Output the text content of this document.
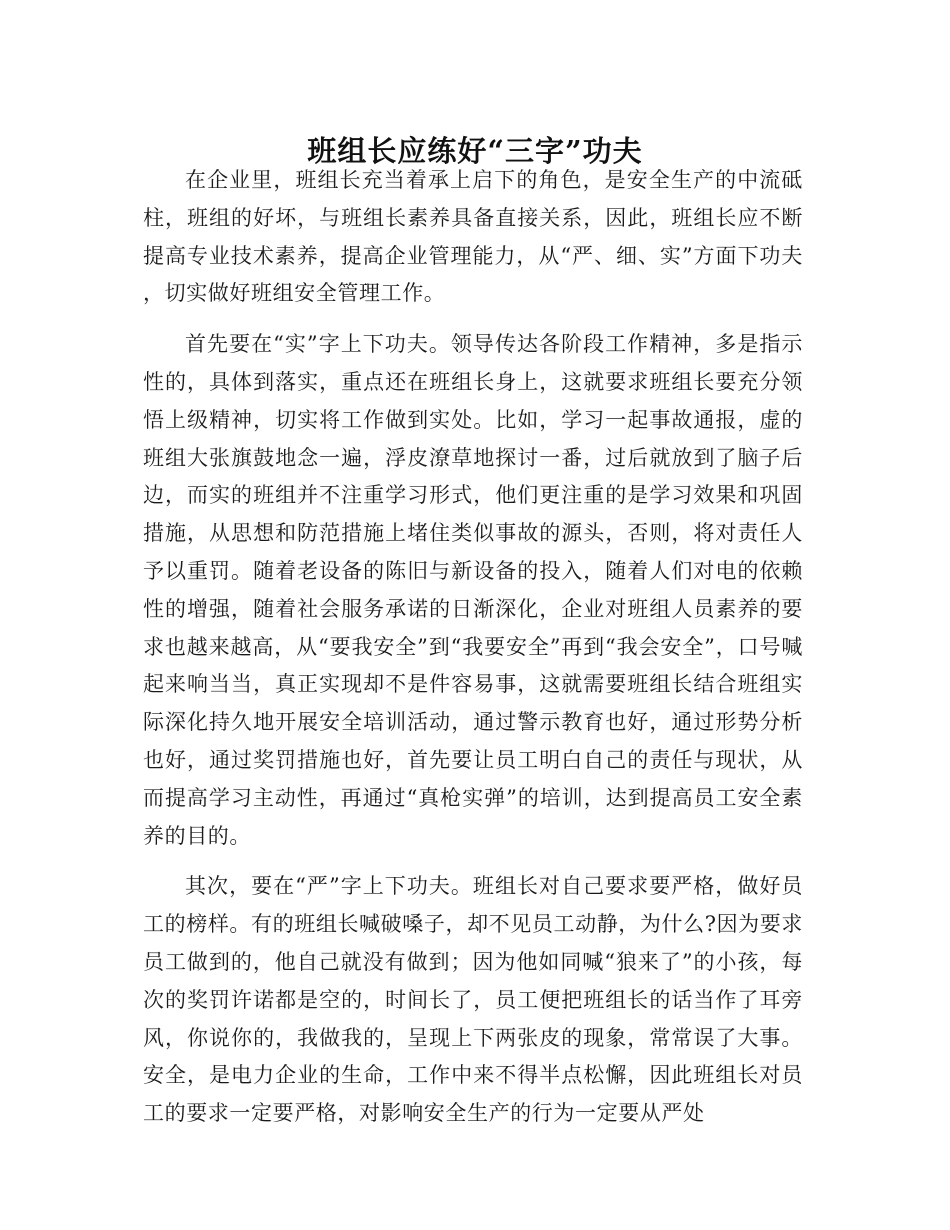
班组长应练好“三字”功夫

在企业里，班组长充当着承上启下的角色，是安全生产的中流砥柱，班组的好坏，与班组长素养具备直接关系，因此，班组长应不断提高专业技术素养，提高企业管理能力，从“严、细、实”方面下功夫，切实做好班组安全管理工作。

首先要在“实”字上下功夫。领导传达各阶段工作精神，多是指示性的，具体到落实，重点还在班组长身上，这就要求班组长要充分领悟上级精神，切实将工作做到实处。比如，学习一起事故通报，虚的班组大张旗鼓地念一遍，浮皮潦草地探讨一番，过后就放到了脑子后边，而实的班组并不注重学习形式，他们更注重的是学习效果和巩固措施，从思想和防范措施上堵住类似事故的源头，否则，将对责任人予以重罚。随着老设备的陈旧与新设备的投入，随着人们对电的依赖性的增强，随着社会服务承诺的日渐深化，企业对班组人员素养的要求也越来越高，从“要我安全”到“我要安全”再到“我会安全”，口号喊起来响当当，真正实现却不是件容易事，这就需要班组长结合班组实际深化持久地开展安全培训活动，通过警示教育也好，通过形势分析也好，通过奖罚措施也好，首先要让员工明白自己的责任与现状，从而提高学习主动性，再通过“真枪实弹”的培训，达到提高员工安全素养的目的。

其次，要在“严”字上下功夫。班组长对自己要求要严格，做好员工的榜样。有的班组长喊破嗓子，却不见员工动静，为什么?因为要求员工做到的，他自己就没有做到；因为他如同喊“狼来了”的小孩，每次的奖罚许诺都是空的，时间长了，员工便把班组长的话当作了耳旁风，你说你的，我做我的，呈现上下两张皮的现象，常常误了大事。安全，是电力企业的生命，工作中来不得半点松懈，因此班组长对员工的要求一定要严格，对影响安全生产的行为一定要从严处
